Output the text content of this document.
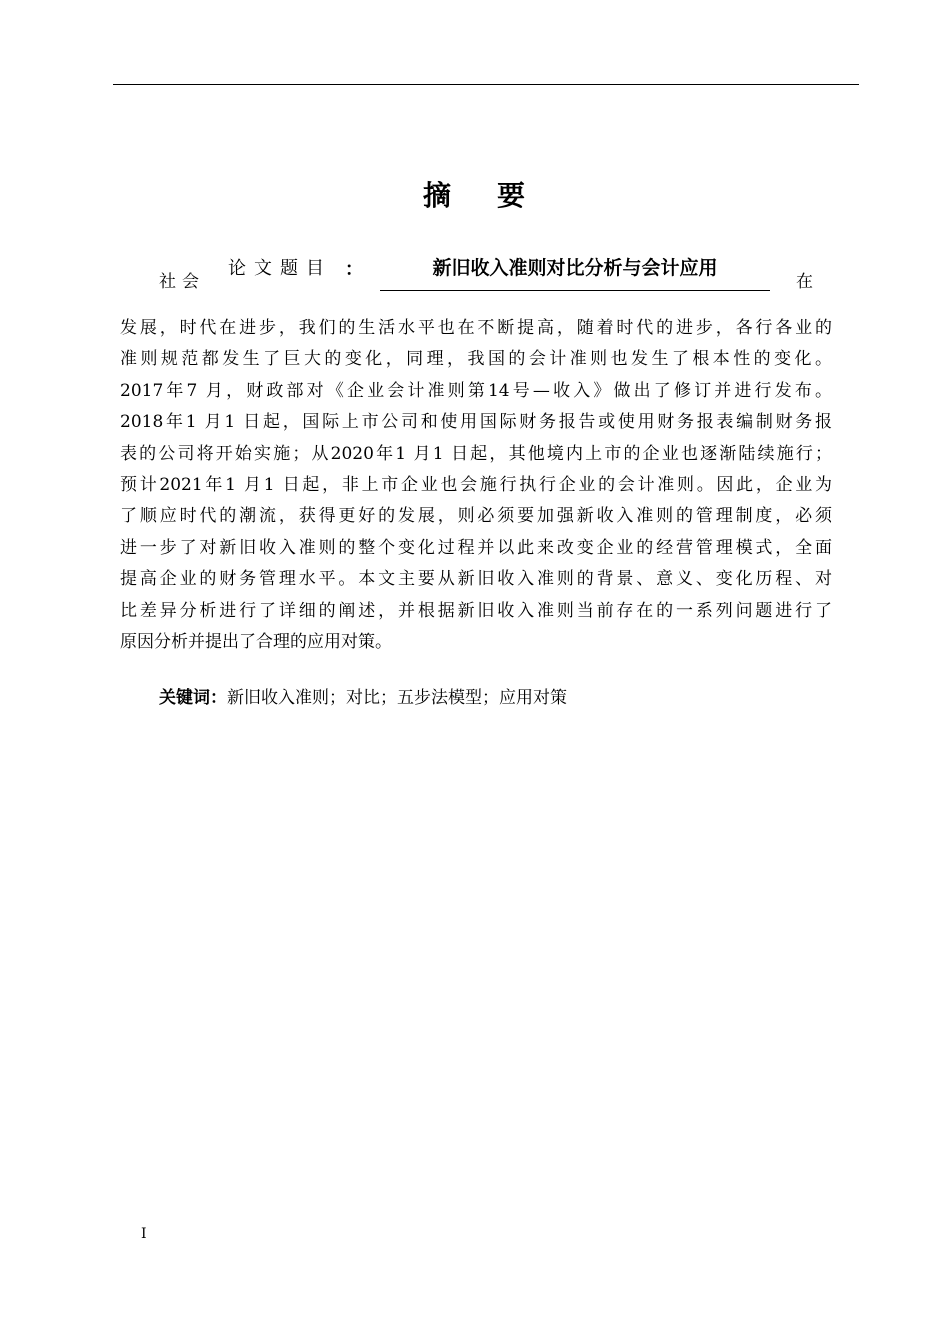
摘 要
社会
论文题目 ：	新旧收入准则对比分析与会计应用
在
发展，时代在进步，我们的生活水平也在不断提高，随着时代的进步，各行各业的
准则规范都发生了巨大的变化，同理，我国的会计准则也发生了根本性的变化。
2017年7 月，财政部对《企业会计准则第14号—收入》做出了修订并进行发布。
2018年1 月1 日起，国际上市公司和使用国际财务报告或使用财务报表编制财务报
表的公司将开始实施；从2020年1 月1 日起，其他境内上市的企业也逐渐陆续施行；
预计2021年1 月1 日起，非上市企业也会施行执行企业的会计准则。因此，企业为
了顺应时代的潮流，获得更好的发展，则必须要加强新收入准则的管理制度，必须
进一步了对新旧收入准则的整个变化过程并以此来改变企业的经营管理模式，全面
提高企业的财务管理水平。本文主要从新旧收入准则的背景、意义、变化历程、对
比差异分析进行了详细的阐述，并根据新旧收入准则当前存在的一系列问题进行了
原因分析并提出了合理的应用对策。
关键词：新旧收入准则；对比；五步法模型；应用对策
I
